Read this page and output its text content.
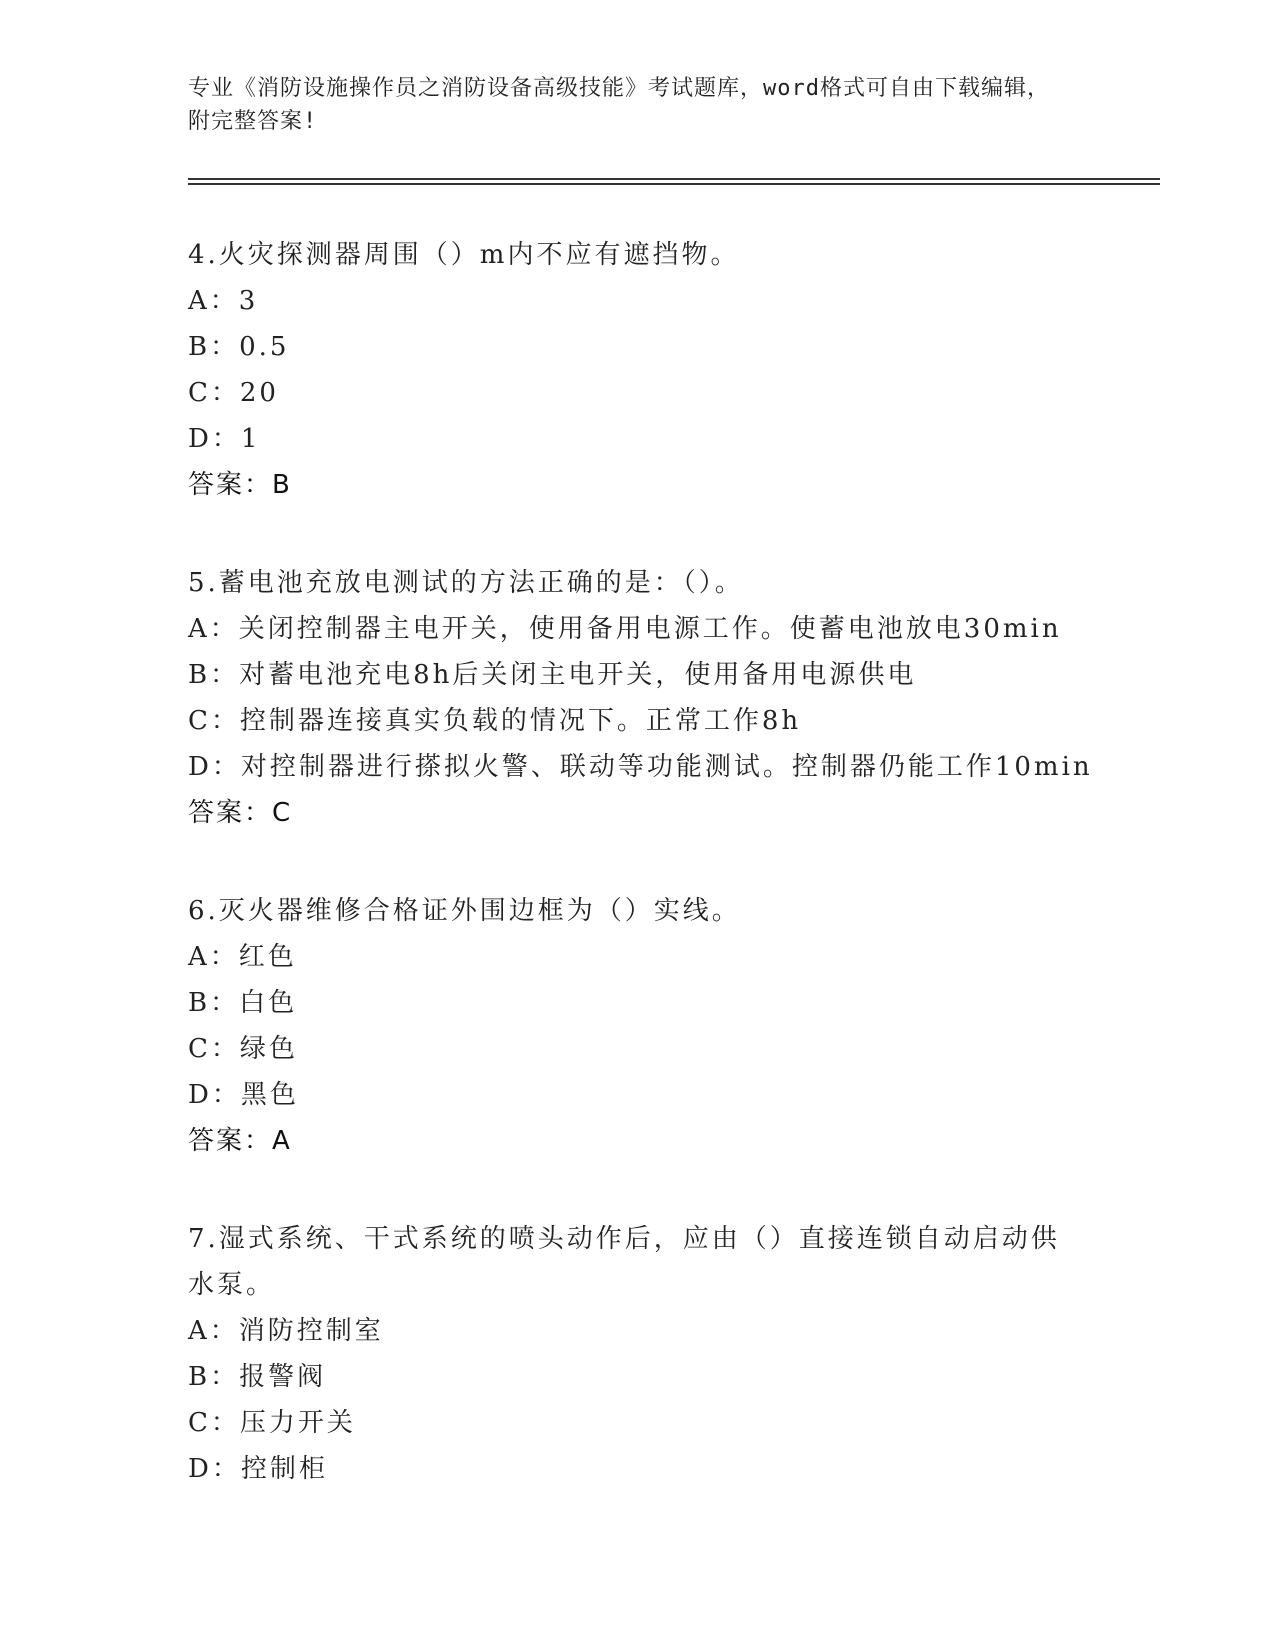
专业《消防设施操作员之消防设备高级技能》考试题库，word格式可自由下载编辑，附完整答案!
4.火灾探测器周围（）m内不应有遮挡物。
A：3
B：0.5
C：20
D：1
答案：B
5.蓄电池充放电测试的方法正确的是：（）。
A：关闭控制器主电开关，使用备用电源工作。使蓄电池放电30min
B：对蓄电池充电8h后关闭主电开关，使用备用电源供电
C：控制器连接真实负载的情况下。正常工作8h
D：对控制器进行搽拟火警、联动等功能测试。控制器仍能工作10min
答案：C
6.灭火器维修合格证外围边框为（）实线。
A：红色
B：白色
C：绿色
D：黑色
答案：A
7.湿式系统、干式系统的喷头动作后，应由（）直接连锁自动启动供水泵。
A：消防控制室
B：报警阀
C：压力开关
D：控制柜
